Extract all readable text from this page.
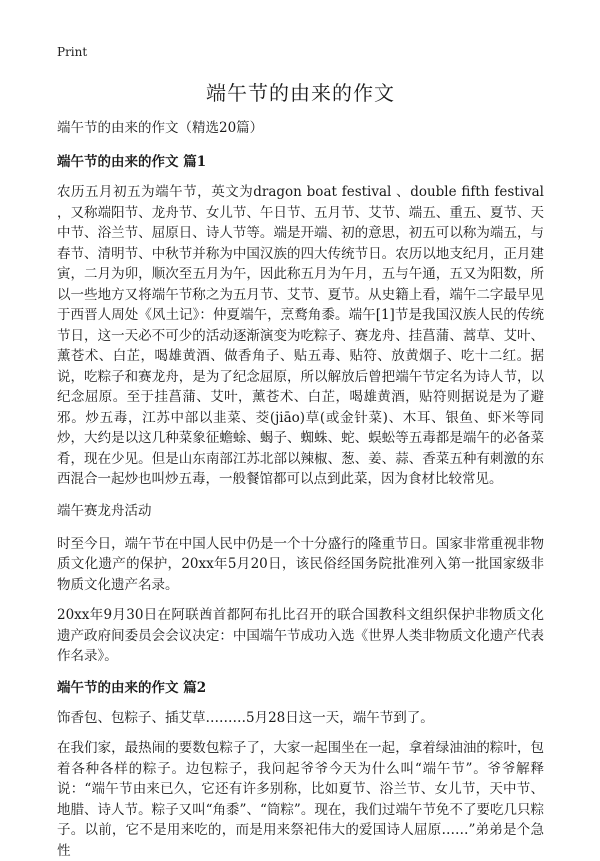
Print
端午节的由来的作文

端午节的由来的作文（精选20篇）

端午节的由来的作文 篇1

农历五月初五为端午节，英文为dragon boat festival 、double fifth festival ，又称端阳节、龙舟节、女儿节、午日节、五月节、艾节、端五、重五、夏节、天中节、浴兰节、屈原日、诗人节等。端是开端、初的意思，初五可以称为端五，与春节、清明节、中秋节并称为中国汉族的四大传统节日。农历以地支纪月，正月建寅，二月为卯，顺次至五月为午，因此称五月为午月，五与午通，五又为阳数，所以一些地方又将端午节称之为五月节、艾节、夏节。从史籍上看，端午二字最早见于西晋人周处《风土记》：仲夏端午，烹鹜角黍。端午[1]节是我国汉族人民的传统节日，这一天必不可少的活动逐渐演变为吃粽子、赛龙舟、挂菖蒲、蒿草、艾叶、薰苍术、白芷，喝雄黄酒、做香角子、贴五毒、贴符、放黄烟子、吃十二红。据说，吃粽子和赛龙舟，是为了纪念屈原，所以解放后曾把端午节定名为诗人节，以纪念屈原。至于挂菖蒲、艾叶，薰苍术、白芷，喝雄黄酒，贴符则据说是为了避邪。炒五毒，江苏中部以韭菜、茭(jiāo)草(或金针菜)、木耳、银鱼、虾米等同炒，大约是以这几种菜象征蟾蜍、蝎子、蜘蛛、蛇、蜈蚣等五毒都是端午的必备菜肴，现在少见。但是山东南部江苏北部以辣椒、葱、姜、蒜、香菜五种有刺激的东西混合一起炒也叫炒五毒，一般餐馆都可以点到此菜，因为食材比较常见。

端午赛龙舟活动

时至今日，端午节在中国人民中仍是一个十分盛行的隆重节日。国家非常重视非物质文化遗产的保护，20xx年5月20日，该民俗经国务院批准列入第一批国家级非物质文化遗产名录。

20xx年9月30日在阿联酋首都阿布扎比召开的联合国教科文组织保护非物质文化遗产政府间委员会会议决定：中国端午节成功入选《世界人类非物质文化遗产代表作名录》。

端午节的由来的作文 篇2

饰香包、包粽子、插艾草………5月28日这一天，端午节到了。

在我们家，最热闹的要数包粽子了，大家一起围坐在一起，拿着绿油油的粽叶，包着各种各样的粽子。边包粽子，我问起爷爷今天为什么叫“端午节”。爷爷解释说：“端午节由来已久，它还有许多别称，比如夏节、浴兰节、女儿节，天中节、地腊、诗人节。粽子又叫“角黍”、“筒粽”。现在，我们过端午节免不了要吃几只粽子。以前，它不是用来吃的，而是用来祭祀伟大的爱国诗人屈原……”弟弟是个急性
